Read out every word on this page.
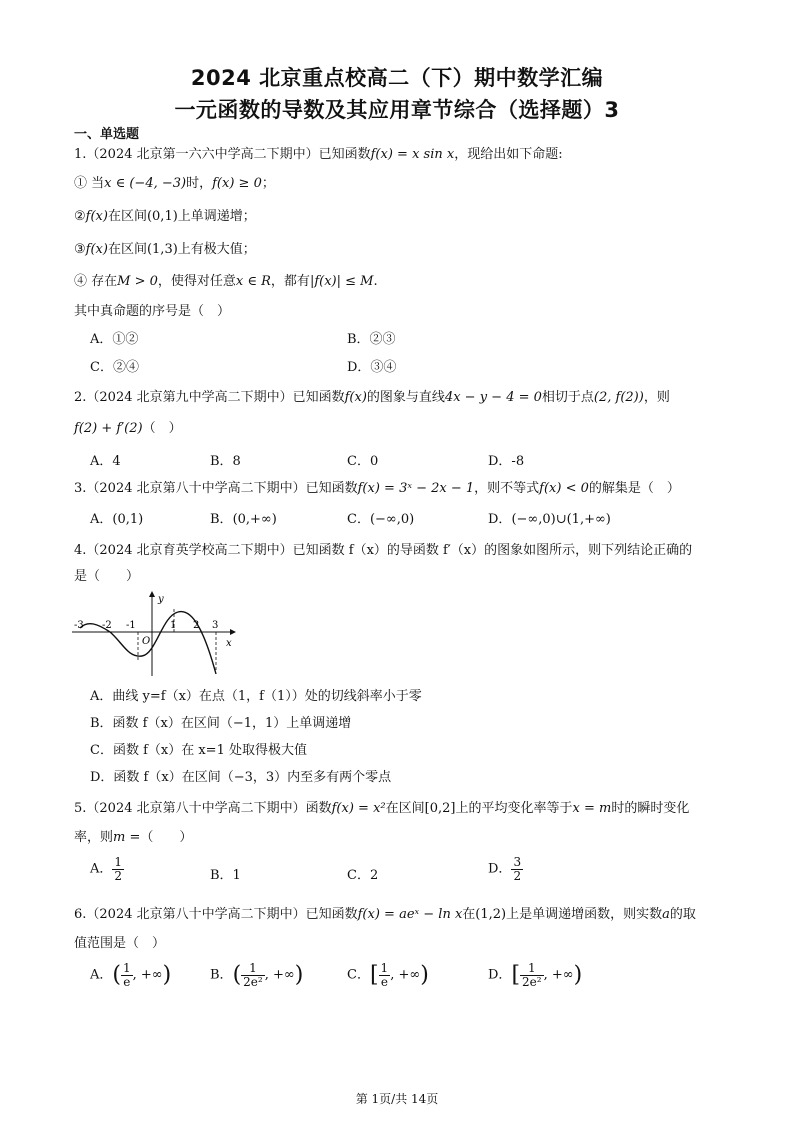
2024 北京重点校高二（下）期中数学汇编
一元函数的导数及其应用章节综合（选择题）3
一、单选题
1.（2024 北京第一六六中学高二下期中）已知函数f(x) = x sin x，现给出如下命题:
① 当x ∈ (−4, −3)时，f(x) ≥ 0；
②f(x)在区间(0,1)上单调递增；
③f(x)在区间(1,3)上有极大值；
④ 存在M > 0，使得对任意x ∈ R，都有|f(x)| ≤ M.
其中真命题的序号是（　）
A．①②	B．②③
C．②④	D．③④
2.（2024 北京第九中学高二下期中）已知函数f(x)的图象与直线4x − y − 4 = 0相切于点(2, f(2))，则
f(2) + f′(2)（　）
A．4	B．8	C．0	D．-8
3.（2024 北京第八十中学高二下期中）已知函数f(x) = 3ˣ − 2x − 1，则不等式f(x) < 0的解集是（　）
A．(0,1)	B．(0,+∞)	C．(−∞,0)	D．(−∞,0)∪(1,+∞)
4.（2024 北京育英学校高二下期中）已知函数 f（x）的导函数 f′（x）的图象如图所示，则下列结论正确的
是（　　）
y
x
O
-3 -2 -1	1 2 3
A．曲线 y=f（x）在点（1，f（1））处的切线斜率小于零
B．函数 f（x）在区间（−1，1）上单调递增
C．函数 f（x）在 x=1 处取得极大值
D．函数 f（x）在区间（−3，3）内至多有两个零点
5.（2024 北京第八十中学高二下期中）函数f(x) = x²在区间[0,2]上的平均变化率等于x = m时的瞬时变化
率，则m =（　　）
A． $\frac{1}{2}$	B．1	C．2	D． $\frac{3}{2}$
6.（2024 北京第八十中学高二下期中）已知函数f(x) = aeˣ − ln x在(1,2)上是单调递增函数，则实数a的取
值范围是（　）
A．( $\frac{1}{e}$ , +∞)	B．( $\frac{1}{\text{2e²}}$ , +∞)	C．[ $\frac{1}{e}$ , +∞)	D．[ $\frac{1}{\text{2e²}}$ , +∞)
第 1页/共 14页
